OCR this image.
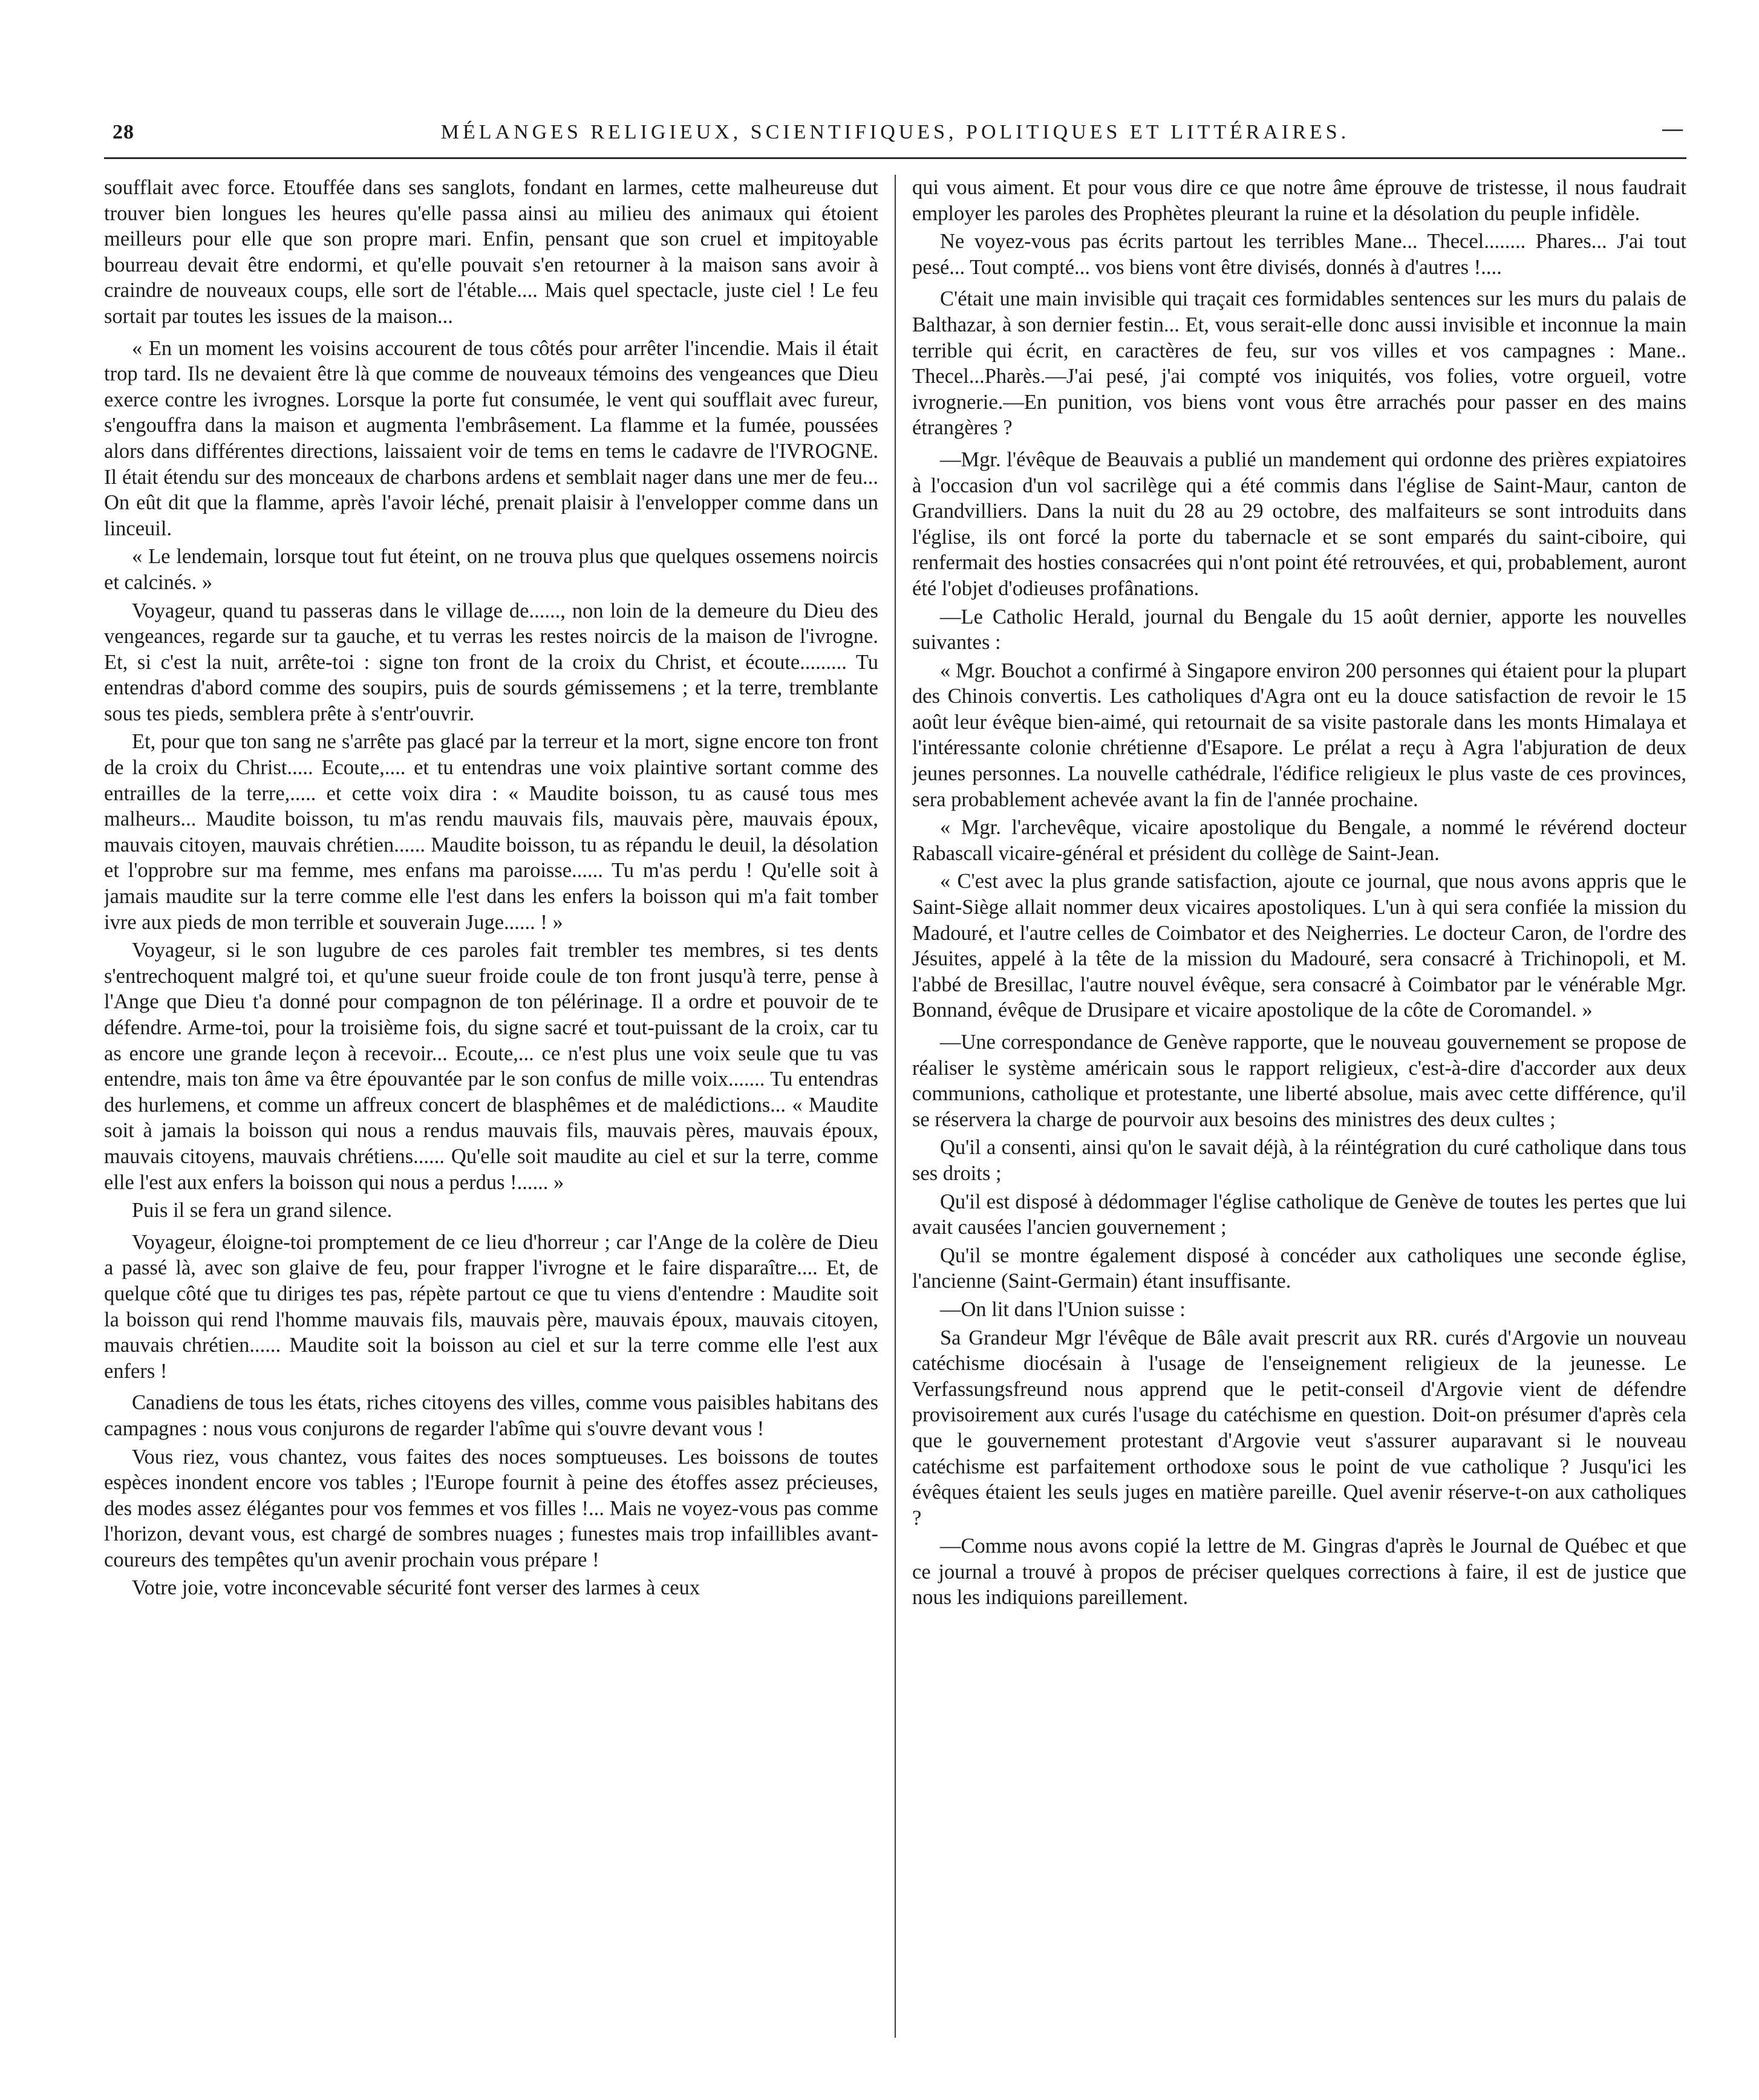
28	MÉLANGES RELIGIEUX, SCIENTIFIQUES, POLITIQUES ET LITTÉRAIRES.	—

soufflait avec force. Etouffée dans ses sanglots, fondant en larmes, cette malheureuse dut trouver bien longues les heures qu'elle passa ainsi au milieu des animaux qui étoient meilleurs pour elle que son propre mari. Enfin, pensant que son cruel et impitoyable bourreau devait être endormi, et qu'elle pouvait s'en retourner à la maison sans avoir à craindre de nouveaux coups, elle sort de l'étable.... Mais quel spectacle, juste ciel ! Le feu sortait par toutes les issues de la maison...

« En un moment les voisins accourent de tous côtés pour arrêter l'incendie. Mais il était trop tard. Ils ne devaient être là que comme de nouveaux témoins des vengeances que Dieu exerce contre les ivrognes. Lorsque la porte fut consumée, le vent qui soufflait avec fureur, s'engouffra dans la maison et augmenta l'embrâsement. La flamme et la fumée, poussées alors dans différentes directions, laissaient voir de tems en tems le cadavre de l'IVROGNE. Il était étendu sur des monceaux de charbons ardens et semblait nager dans une mer de feu... On eût dit que la flamme, après l'avoir léché, prenait plaisir à l'envelopper comme dans un linceuil.

« Le lendemain, lorsque tout fut éteint, on ne trouva plus que quelques ossemens noircis et calcinés. »

Voyageur, quand tu passeras dans le village de......, non loin de la demeure du Dieu des vengeances, regarde sur ta gauche, et tu verras les restes noircis de la maison de l'ivrogne. Et, si c'est la nuit, arrête-toi : signe ton front de la croix du Christ, et écoute......... Tu entendras d'abord comme des soupirs, puis de sourds gémissemens ; et la terre, tremblante sous tes pieds, semblera prête à s'entr'ouvrir.

Et, pour que ton sang ne s'arrête pas glacé par la terreur et la mort, signe encore ton front de la croix du Christ..... Ecoute,.... et tu entendras une voix plaintive sortant comme des entrailles de la terre,..... et cette voix dira : « Maudite boisson, tu as causé tous mes malheurs... Maudite boisson, tu m'as rendu mauvais fils, mauvais père, mauvais époux, mauvais citoyen, mauvais chrétien...... Maudite boisson, tu as répandu le deuil, la désolation et l'opprobre sur ma femme, mes enfans ma paroisse...... Tu m'as perdu ! Qu'elle soit à jamais maudite sur la terre comme elle l'est dans les enfers la boisson qui m'a fait tomber ivre aux pieds de mon terrible et souverain Juge...... ! »

Voyageur, si le son lugubre de ces paroles fait trembler tes membres, si tes dents s'entrechoquent malgré toi, et qu'une sueur froide coule de ton front jusqu'à terre, pense à l'Ange que Dieu t'a donné pour compagnon de ton pélérinage. Il a ordre et pouvoir de te défendre. Arme-toi, pour la troisième fois, du signe sacré et tout-puissant de la croix, car tu as encore une grande leçon à recevoir... Ecoute,... ce n'est plus une voix seule que tu vas entendre, mais ton âme va être épouvantée par le son confus de mille voix....... Tu entendras des hurlemens, et comme un affreux concert de blasphêmes et de malédictions... « Maudite soit à jamais la boisson qui nous a rendus mauvais fils, mauvais pères, mauvais époux, mauvais citoyens, mauvais chrétiens...... Qu'elle soit maudite au ciel et sur la terre, comme elle l'est aux enfers la boisson qui nous a perdus !...... »

Puis il se fera un grand silence.

Voyageur, éloigne-toi promptement de ce lieu d'horreur ; car l'Ange de la colère de Dieu a passé là, avec son glaive de feu, pour frapper l'ivrogne et le faire disparaître.... Et, de quelque côté que tu diriges tes pas, répète partout ce que tu viens d'entendre : Maudite soit la boisson qui rend l'homme mauvais fils, mauvais père, mauvais époux, mauvais citoyen, mauvais chrétien...... Maudite soit la boisson au ciel et sur la terre comme elle l'est aux enfers !

Canadiens de tous les états, riches citoyens des villes, comme vous paisibles habitans des campagnes : nous vous conjurons de regarder l'abîme qui s'ouvre devant vous !

Vous riez, vous chantez, vous faites des noces somptueuses. Les boissons de toutes espèces inondent encore vos tables ; l'Europe fournit à peine des étoffes assez précieuses, des modes assez élégantes pour vos femmes et vos filles !... Mais ne voyez-vous pas comme l'horizon, devant vous, est chargé de sombres nuages ; funestes mais trop infaillibles avant-coureurs des tempêtes qu'un avenir prochain vous prépare !

Votre joie, votre inconcevable sécurité font verser des larmes à ceux

qui vous aiment. Et pour vous dire ce que notre âme éprouve de tristesse, il nous faudrait employer les paroles des Prophètes pleurant la ruine et la désolation du peuple infidèle.

Ne voyez-vous pas écrits partout les terribles Mane... Thecel........ Phares... J'ai tout pesé... Tout compté... vos biens vont être divisés, donnés à d'autres !....

C'était une main invisible qui traçait ces formidables sentences sur les murs du palais de Balthazar, à son dernier festin... Et, vous serait-elle donc aussi invisible et inconnue la main terrible qui écrit, en caractères de feu, sur vos villes et vos campagnes : Mane.. Thecel...Pharès.—J'ai pesé, j'ai compté vos iniquités, vos folies, votre orgueil, votre ivrognerie.—En punition, vos biens vont vous être arrachés pour passer en des mains étrangères ?

—Mgr. l'évêque de Beauvais a publié un mandement qui ordonne des prières expiatoires à l'occasion d'un vol sacrilège qui a été commis dans l'église de Saint-Maur, canton de Grandvilliers. Dans la nuit du 28 au 29 octobre, des malfaiteurs se sont introduits dans l'église, ils ont forcé la porte du tabernacle et se sont emparés du saint-ciboire, qui renfermait des hosties consacrées qui n'ont point été retrouvées, et qui, probablement, auront été l'objet d'odieuses profânations.

—Le Catholic Herald, journal du Bengale du 15 août dernier, apporte les nouvelles suivantes :

« Mgr. Bouchot a confirmé à Singapore environ 200 personnes qui étaient pour la plupart des Chinois convertis. Les catholiques d'Agra ont eu la douce satisfaction de revoir le 15 août leur évêque bien-aimé, qui retournait de sa visite pastorale dans les monts Himalaya et l'intéressante colonie chrétienne d'Esapore. Le prélat a reçu à Agra l'abjuration de deux jeunes personnes. La nouvelle cathédrale, l'édifice religieux le plus vaste de ces provinces, sera probablement achevée avant la fin de l'année prochaine.

« Mgr. l'archevêque, vicaire apostolique du Bengale, a nommé le révérend docteur Rabascall vicaire-général et président du collège de Saint-Jean.

« C'est avec la plus grande satisfaction, ajoute ce journal, que nous avons appris que le Saint-Siège allait nommer deux vicaires apostoliques. L'un à qui sera confiée la mission du Madouré, et l'autre celles de Coimbator et des Neigherries. Le docteur Caron, de l'ordre des Jésuites, appelé à la tête de la mission du Madouré, sera consacré à Trichinopoli, et M. l'abbé de Bresillac, l'autre nouvel évêque, sera consacré à Coimbator par le vénérable Mgr. Bonnand, évêque de Drusipare et vicaire apostolique de la côte de Coromandel. »

—Une correspondance de Genève rapporte, que le nouveau gouvernement se propose de réaliser le système américain sous le rapport religieux, c'est-à-dire d'accorder aux deux communions, catholique et protestante, une liberté absolue, mais avec cette différence, qu'il se réservera la charge de pourvoir aux besoins des ministres des deux cultes ;

Qu'il a consenti, ainsi qu'on le savait déjà, à la réintégration du curé catholique dans tous ses droits ;

Qu'il est disposé à dédommager l'église catholique de Genève de toutes les pertes que lui avait causées l'ancien gouvernement ;

Qu'il se montre également disposé à concéder aux catholiques une seconde église, l'ancienne (Saint-Germain) étant insuffisante.

—On lit dans l'Union suisse :

Sa Grandeur Mgr l'évêque de Bâle avait prescrit aux RR. curés d'Argovie un nouveau catéchisme diocésain à l'usage de l'enseignement religieux de la jeunesse. Le Verfassungsfreund nous apprend que le petit-conseil d'Argovie vient de défendre provisoirement aux curés l'usage du catéchisme en question. Doit-on présumer d'après cela que le gouvernement protestant d'Argovie veut s'assurer auparavant si le nouveau catéchisme est parfaitement orthodoxe sous le point de vue catholique ? Jusqu'ici les évêques étaient les seuls juges en matière pareille. Quel avenir réserve-t-on aux catholiques ?

—Comme nous avons copié la lettre de M. Gingras d'après le Journal de Québec et que ce journal a trouvé à propos de préciser quelques corrections à faire, il est de justice que nous les indiquions pareillement.
